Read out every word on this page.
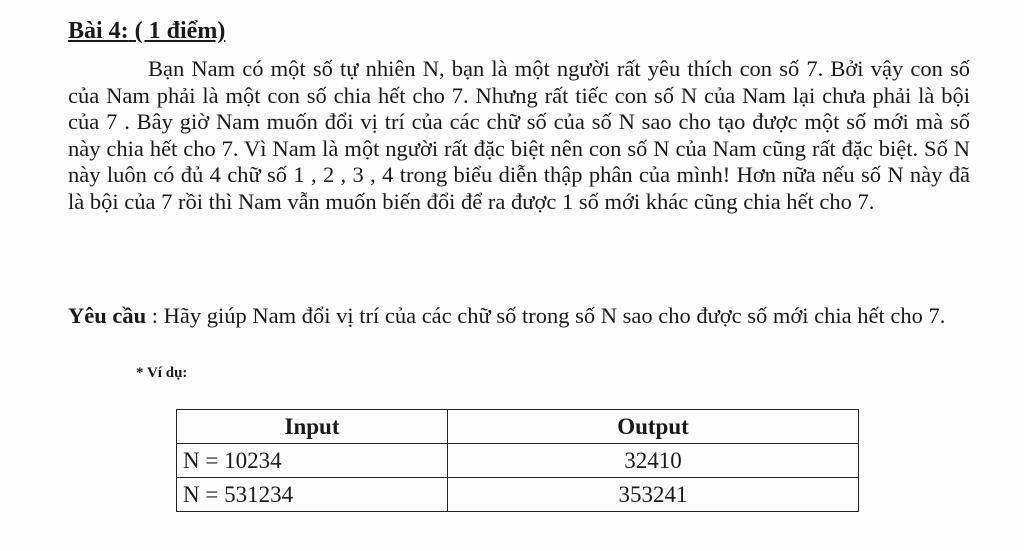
Bài 4: ( 1 điểm)

Bạn Nam có một số tự nhiên N, bạn là một người rất yêu thích con số 7. Bởi vậy con số của Nam phải là một con số chia hết cho 7. Nhưng rất tiếc con số N của Nam lại chưa phải là bội của 7 . Bây giờ Nam muốn đổi vị trí của các chữ số của số N sao cho tạo được một số mới mà số này chia hết cho 7. Vì Nam là một người rất đặc biệt nên con số N của Nam cũng rất đặc biệt. Số N này luôn có đủ 4 chữ số 1 , 2 , 3 , 4 trong biểu diễn thập phân của mình! Hơn nữa nếu số N này đã là bội của 7 rồi thì Nam vẫn muốn biến đổi để ra được 1 số mới khác cũng chia hết cho 7.

Yêu cầu : Hãy giúp Nam đổi vị trí của các chữ số trong số N sao cho được số mới chia hết cho 7.

* Ví dụ:
Input	Output
N = 10234	32410
N = 531234	353241
